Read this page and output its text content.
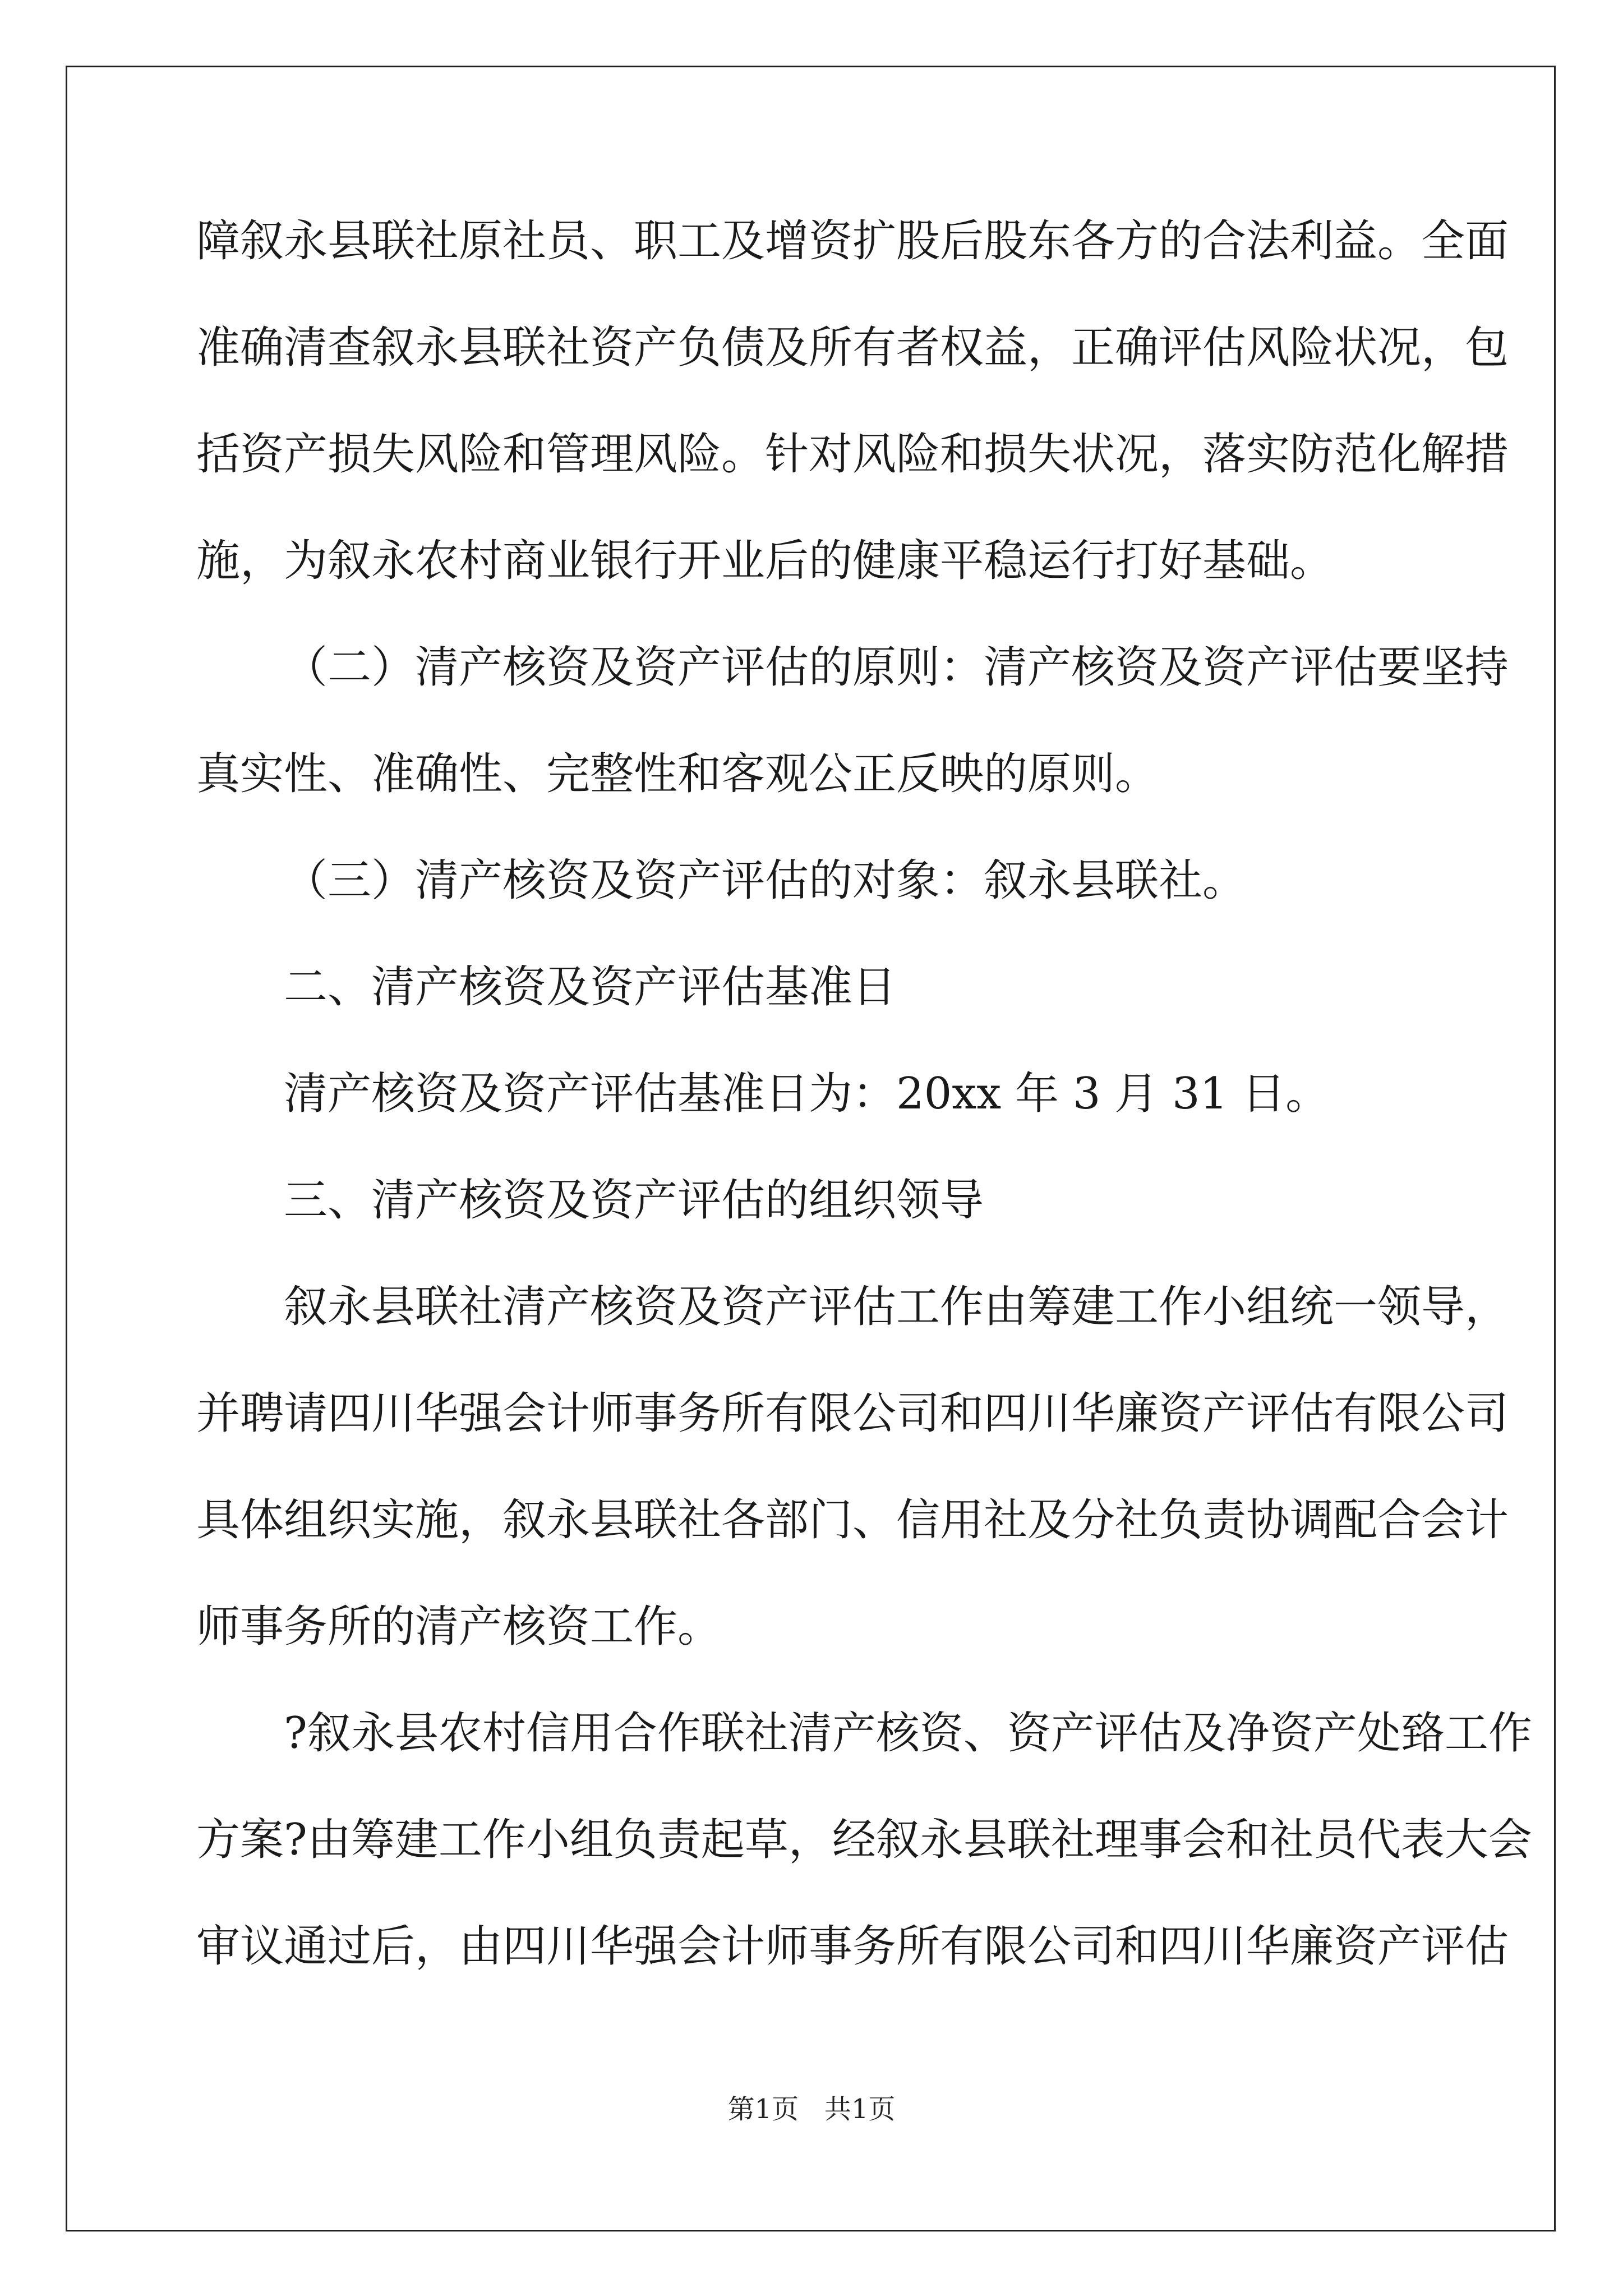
障叙永县联社原社员、职工及增资扩股后股东各方的合法利益。全面
准确清查叙永县联社资产负债及所有者权益，正确评估风险状况，包
括资产损失风险和管理风险。针对风险和损失状况，落实防范化解措
施，为叙永农村商业银行开业后的健康平稳运行打好基础。
（二）清产核资及资产评估的原则：清产核资及资产评估要坚持
真实性、准确性、完整性和客观公正反映的原则。
（三）清产核资及资产评估的对象：叙永县联社。
二、清产核资及资产评估基准日
清产核资及资产评估基准日为：20xx 年 3 月 31 日。
三、清产核资及资产评估的组织领导
叙永县联社清产核资及资产评估工作由筹建工作小组统一领导，
并聘请四川华强会计师事务所有限公司和四川华廉资产评估有限公司
具体组织实施，叙永县联社各部门、信用社及分社负责协调配合会计
师事务所的清产核资工作。
?叙永县农村信用合作联社清产核资、资产评估及净资产处臵工作
方案?由筹建工作小组负责起草，经叙永县联社理事会和社员代表大会
审议通过后，由四川华强会计师事务所有限公司和四川华廉资产评估
第1页 共1页
